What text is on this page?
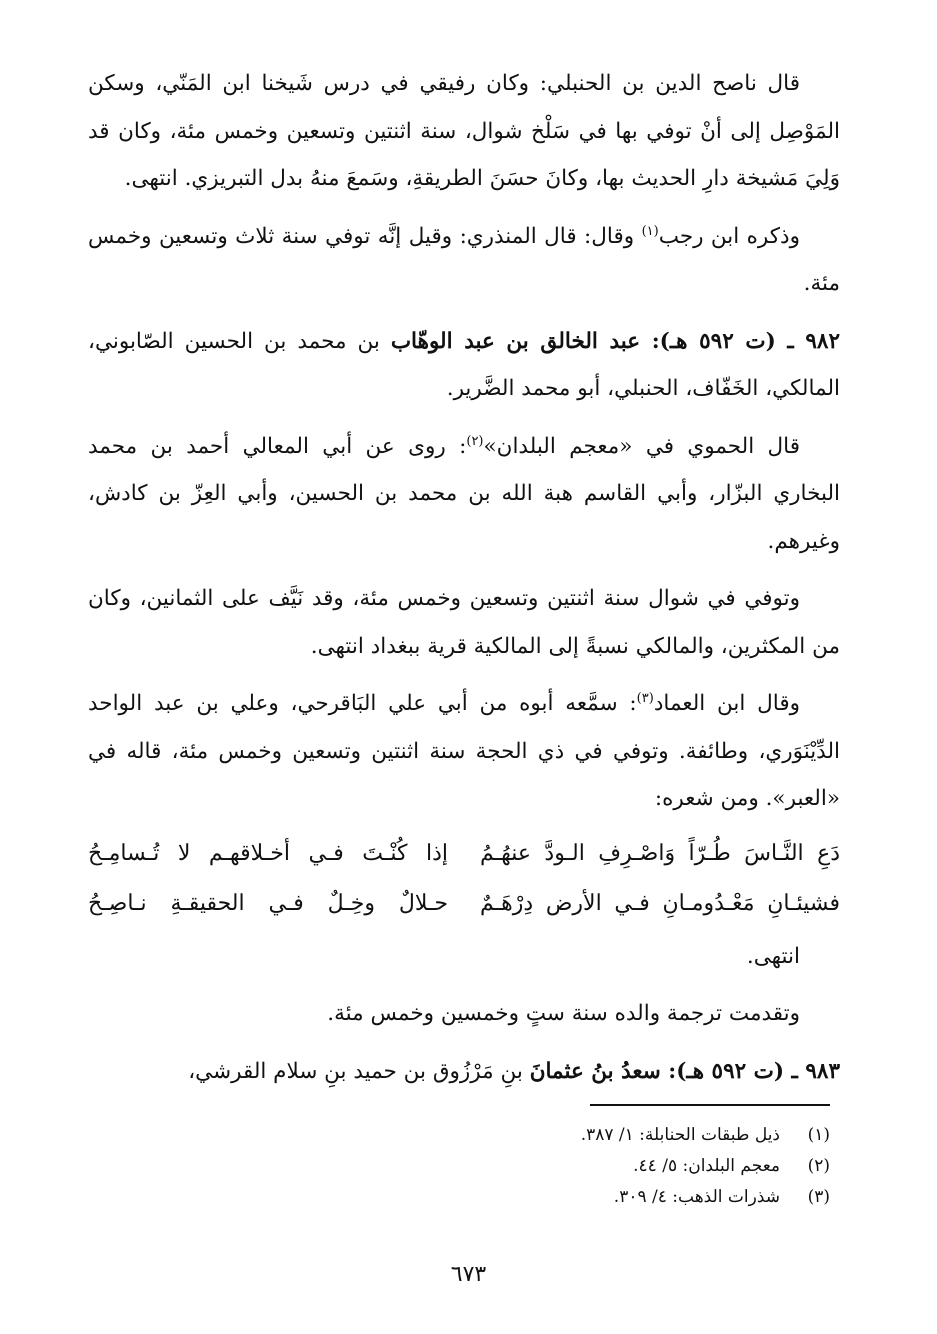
قال ناصح الدين بن الحنبلي: وكان رفيقي في درس شَيخنا ابن المَنّي، وسكن المَوْصِل إلى أنْ توفي بها في سَلْخ شوال، سنة اثنتين وتسعين وخمس مئة، وكان قد وَلِيَ مَشيخة دارِ الحديث بها، وكانَ حسَنَ الطريقةِ، وسَمعَ منهُ بدل التبريزي. انتهى.

وذكره ابن رجب$^{(١)}$ وقال: قال المنذري: وقيل إنَّه توفي سنة ثلاث وتسعين وخمس مئة.

٩٨٢ ـ (ت ٥٩٢ هـ): عبد الخالق بن عبد الوهّاب بن محمد بن الحسين الصّابوني، المالكي، الخَفّاف، الحنبلي، أبو محمد الضَّرير.

قال الحموي في «معجم البلدان»$^{(٢)}$: روى عن أبي المعالي أحمد بن محمد البخاري البزّار، وأبي القاسم هبة الله بن محمد بن الحسين، وأبي العِزّ بن كادش، وغيرهم.

وتوفي في شوال سنة اثنتين وتسعين وخمس مئة، وقد نَيَّف على الثمانين، وكان من المكثرين، والمالكي نسبةً إلى المالكية قرية ببغداد انتهى.

وقال ابن العماد$^{(٣)}$: سمَّعه أبوه من أبي علي البَاقرحي، وعلي بن عبد الواحد الدِّيْنَوَري، وطائفة. وتوفي في ذي الحجة سنة اثنتين وتسعين وخمس مئة، قاله في «العبر». ومن شعره:

دَعِ النَّـاسَ طُـرّاً وَاصْـرِفِ الـودَّ عنهُـمُ
إذا كُنْـتَ فـي أخـلاقهـم لا تُـسامِـحُ
فشيئـانِ مَعْـدُومـانِ فـي الأرض دِرْهَـمٌ
حـلالٌ وخِـلٌ فـي الحقيقـةِ نـاصِـحُ

انتهى.

وتقدمت ترجمة والده سنة ستٍ وخمسين وخمس مئة.

٩٨٣ ـ (ت ٥٩٢ هـ): سعدُ بنُ عثمانَ بنِ مَرْزُوق بن حميد بنِ سلام القرشي،

(١)
ذيل طبقات الحنابلة: ١/ ٣٨٧.
(٢)
معجم البلدان: ٥/ ٤٤.
(٣)
شذرات الذهب: ٤/ ٣٠٩.
٦٧٣
